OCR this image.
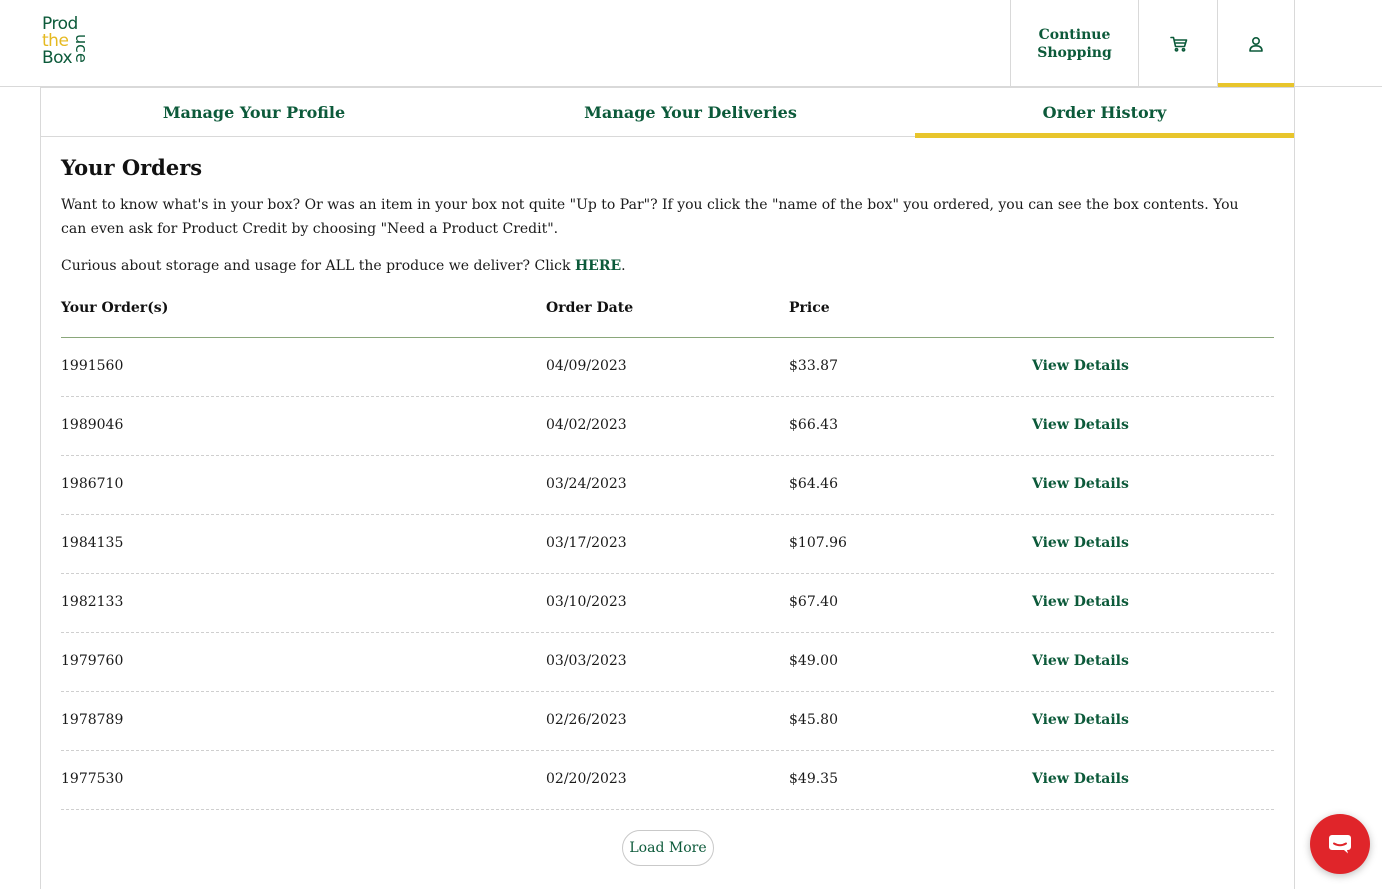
Prod
the
Box uce	Continue
Shopping
Manage Your Profile	Manage Your Deliveries	Order History
Your Orders

Want to know what's in your box? Or was an item in your box not quite "Up to Par"? If you click the "name of the box" you ordered, you can see the box contents. You can even ask for Product Credit by choosing "Need a Product Credit".

Curious about storage and usage for ALL the produce we deliver? Click HERE.

Your Order(s)	Order Date	Price
1991560	04/09/2023	$33.87	View Details
1989046	04/02/2023	$66.43	View Details
1986710	03/24/2023	$64.46	View Details
1984135	03/17/2023	$107.96	View Details
1982133	03/10/2023	$67.40	View Details
1979760	03/03/2023	$49.00	View Details
1978789	02/26/2023	$45.80	View Details
1977530	02/20/2023	$49.35	View Details
Load More
